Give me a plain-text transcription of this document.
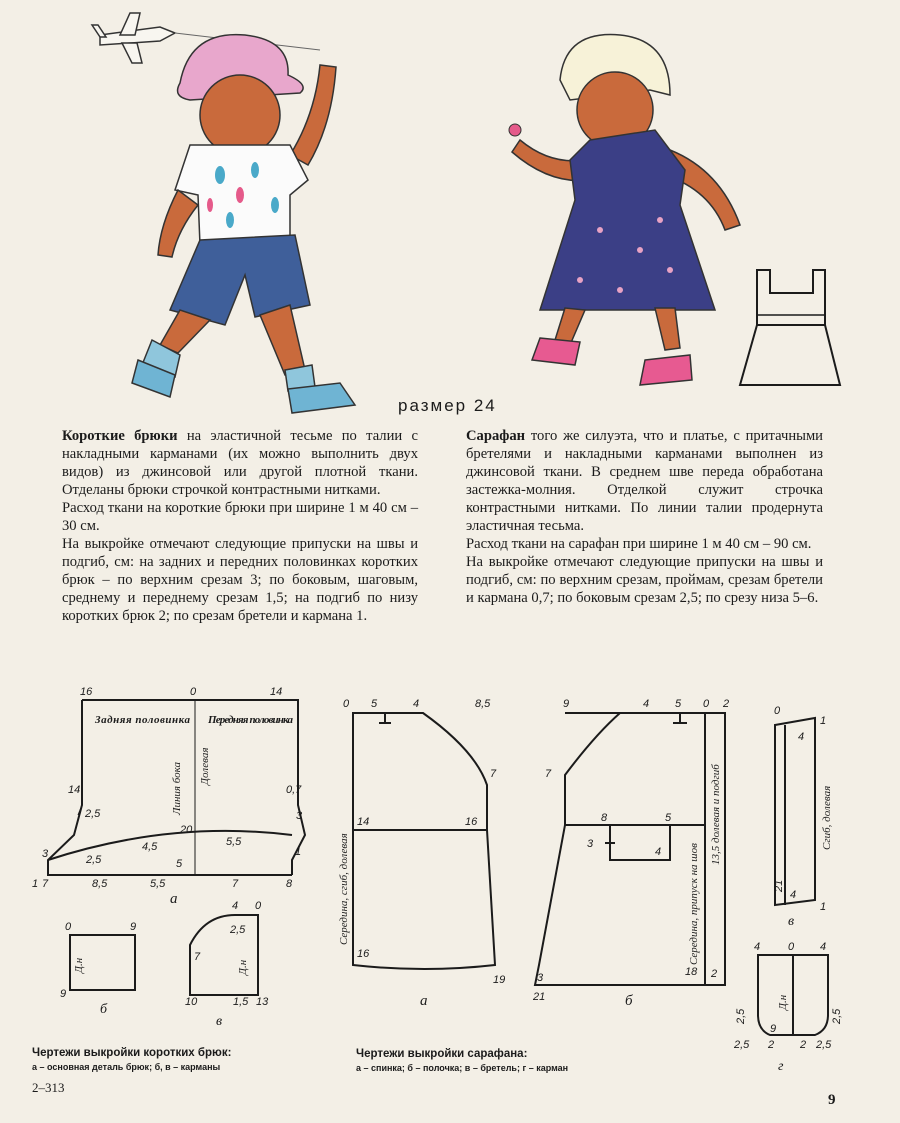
размер 24

Короткие брюки на эластичной тесьме по талии с накладными карманами (их можно выполнить двух видов) из джинсовой или другой плотной ткани. Отделаны брюки строчкой контрастными нитками.

Расход ткани на короткие брюки при ширине 1 м 40 см – 30 см.

На выкройке отмечают следующие припуски на швы и подгиб, см: на задних и передних половинках коротких брюк – по верхним срезам 3; по боковым, шаговым, среднему и переднему срезам 1,5; на подгиб по низу коротких брюк 2; по срезам бретели и кармана 1.

Сарафан того же силуэта, что и платье, с притачными бретелями и накладными карманами выполнен из джинсовой ткани. В среднем шве переда обработана застежка-молния. Отделкой служит строчка контрастными нитками. По линии талии продернута эластичная тесьма.

Расход ткани на сарафан при ширине 1 м 40 см – 90 см.

На выкройке отмечают следующие припуски на швы и подгиб, см: по верхним срезам, проймам, срезам бретели и кармана 0,7; по боковым срезам 2,5; по срезу низа 5–6.

16	0	14
Задняя половинка Передняя половинка
Линия бока Долевая
14
2,5
0,7
20
3
3
4,5	5,5
2,5	5
1
1 7	8,5	5,5	7	8
а
0	9
9
Д.н
б
4 0
2,5
7
10	1,5 13
Д.н
в
0 5	4	8,5
7
14	16
Середина, сгиб, долевая
16
19
а
9	4 5 0 2
7
8	5
3
4 Середина, припуск на шов
13,5 долевая и подгиб
18 2
3
21	б
0
1
4
21
4
1
Сгиб, долевая
в
4	0 4
Д.н
2,5	2,5
9
2,5 2 2 2,5
г
Чертежи выкройки коротких брюк:
а – основная деталь брюк; б, в – карманы
Чертежи выкройки сарафана:
а – спинка; б – полочка; в – бретель; г – карман
2–313
9
